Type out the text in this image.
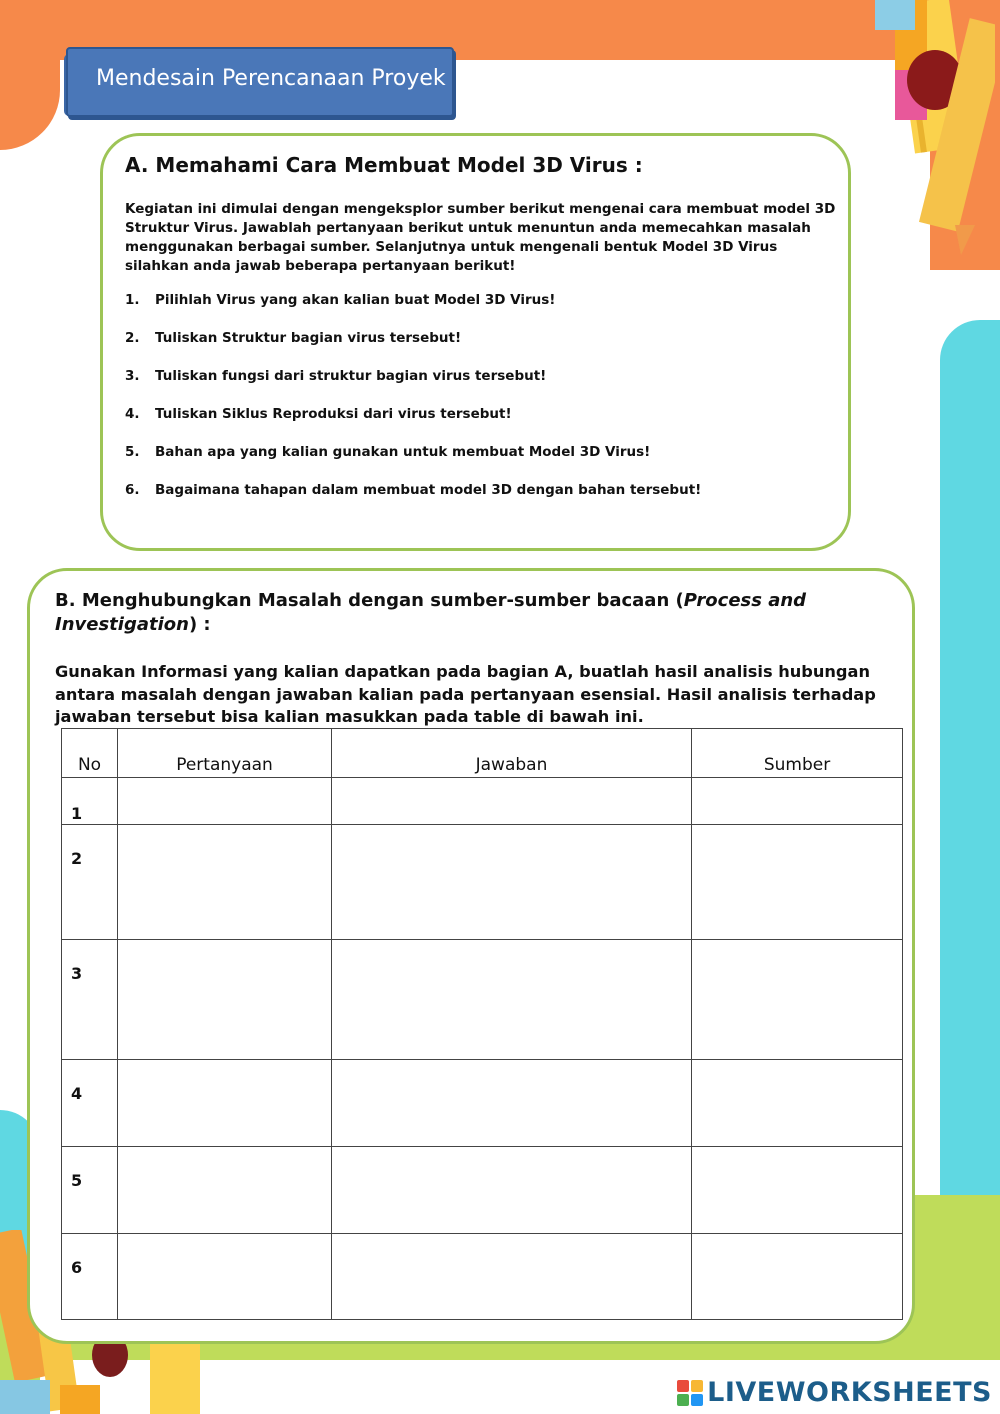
Mendesain Perencanaan Proyek
A. Memahami Cara Membuat Model 3D Virus :
Kegiatan ini dimulai dengan mengeksplor sumber berikut mengenai cara membuat model 3D Struktur Virus. Jawablah pertanyaan berikut untuk menuntun anda memecahkan masalah menggunakan berbagai sumber. Selanjutnya untuk mengenali bentuk Model 3D Virus silahkan anda jawab beberapa pertanyaan berikut!
1.	Pilihlah Virus yang akan kalian buat Model 3D Virus!
2.	Tuliskan Struktur bagian virus tersebut!
3.	Tuliskan fungsi dari struktur bagian virus tersebut!
4.	Tuliskan Siklus Reproduksi dari virus tersebut!
5.	Bahan apa yang kalian gunakan untuk membuat Model 3D Virus!
6.	Bagaimana tahapan dalam membuat model 3D dengan bahan tersebut!
B. Menghubungkan Masalah dengan sumber-sumber bacaan (Process and Investigation) :
Gunakan Informasi yang kalian dapatkan pada bagian A, buatlah hasil analisis hubungan antara masalah dengan jawaban kalian pada pertanyaan esensial. Hasil analisis terhadap jawaban tersebut bisa kalian masukkan pada table di bawah ini.
No	Pertanyaan	Jawaban	Sumber
1			
2			
3			
4			
5			
6			
LIVEWORKSHEETS
